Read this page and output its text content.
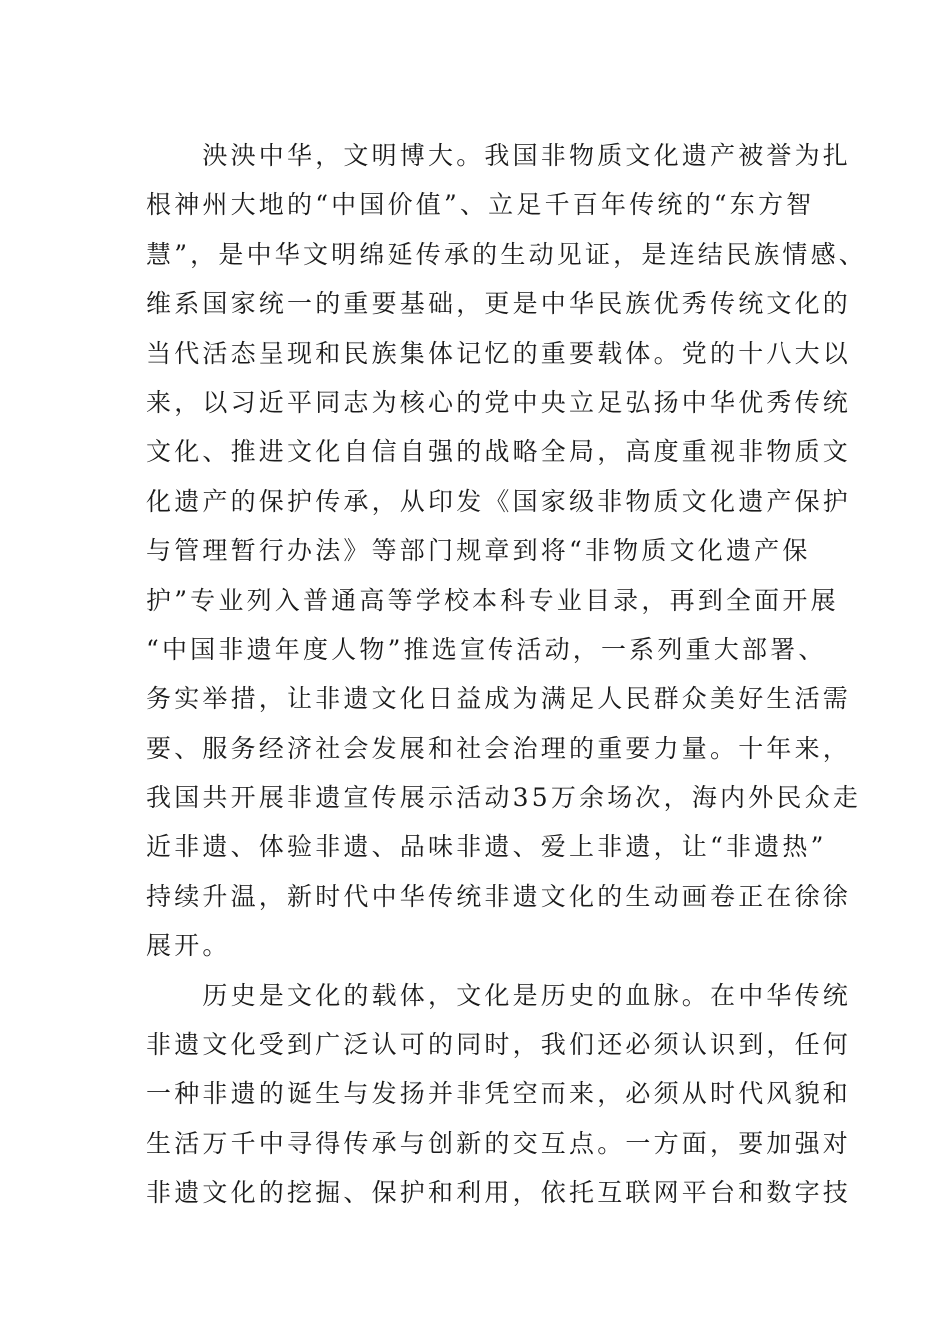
　　泱泱中华，文明博大。我国非物质文化遗产被誉为扎
根神州大地的“中国价值”、立足千百年传统的“东方智
慧”，是中华文明绵延传承的生动见证，是连结民族情感、
维系国家统一的重要基础，更是中华民族优秀传统文化的
当代活态呈现和民族集体记忆的重要载体。党的十八大以
来，以习近平同志为核心的党中央立足弘扬中华优秀传统
文化、推进文化自信自强的战略全局，高度重视非物质文
化遗产的保护传承，从印发《国家级非物质文化遗产保护
与管理暂行办法》等部门规章到将“非物质文化遗产保
护”专业列入普通高等学校本科专业目录，再到全面开展
“中国非遗年度人物”推选宣传活动，一系列重大部署、
务实举措，让非遗文化日益成为满足人民群众美好生活需
要、服务经济社会发展和社会治理的重要力量。十年来，
我国共开展非遗宣传展示活动35万余场次，海内外民众走
近非遗、体验非遗、品味非遗、爱上非遗，让“非遗热”
持续升温，新时代中华传统非遗文化的生动画卷正在徐徐
展开。
　　历史是文化的载体，文化是历史的血脉。在中华传统
非遗文化受到广泛认可的同时，我们还必须认识到，任何
一种非遗的诞生与发扬并非凭空而来，必须从时代风貌和
生活万千中寻得传承与创新的交互点。一方面，要加强对
非遗文化的挖掘、保护和利用，依托互联网平台和数字技
